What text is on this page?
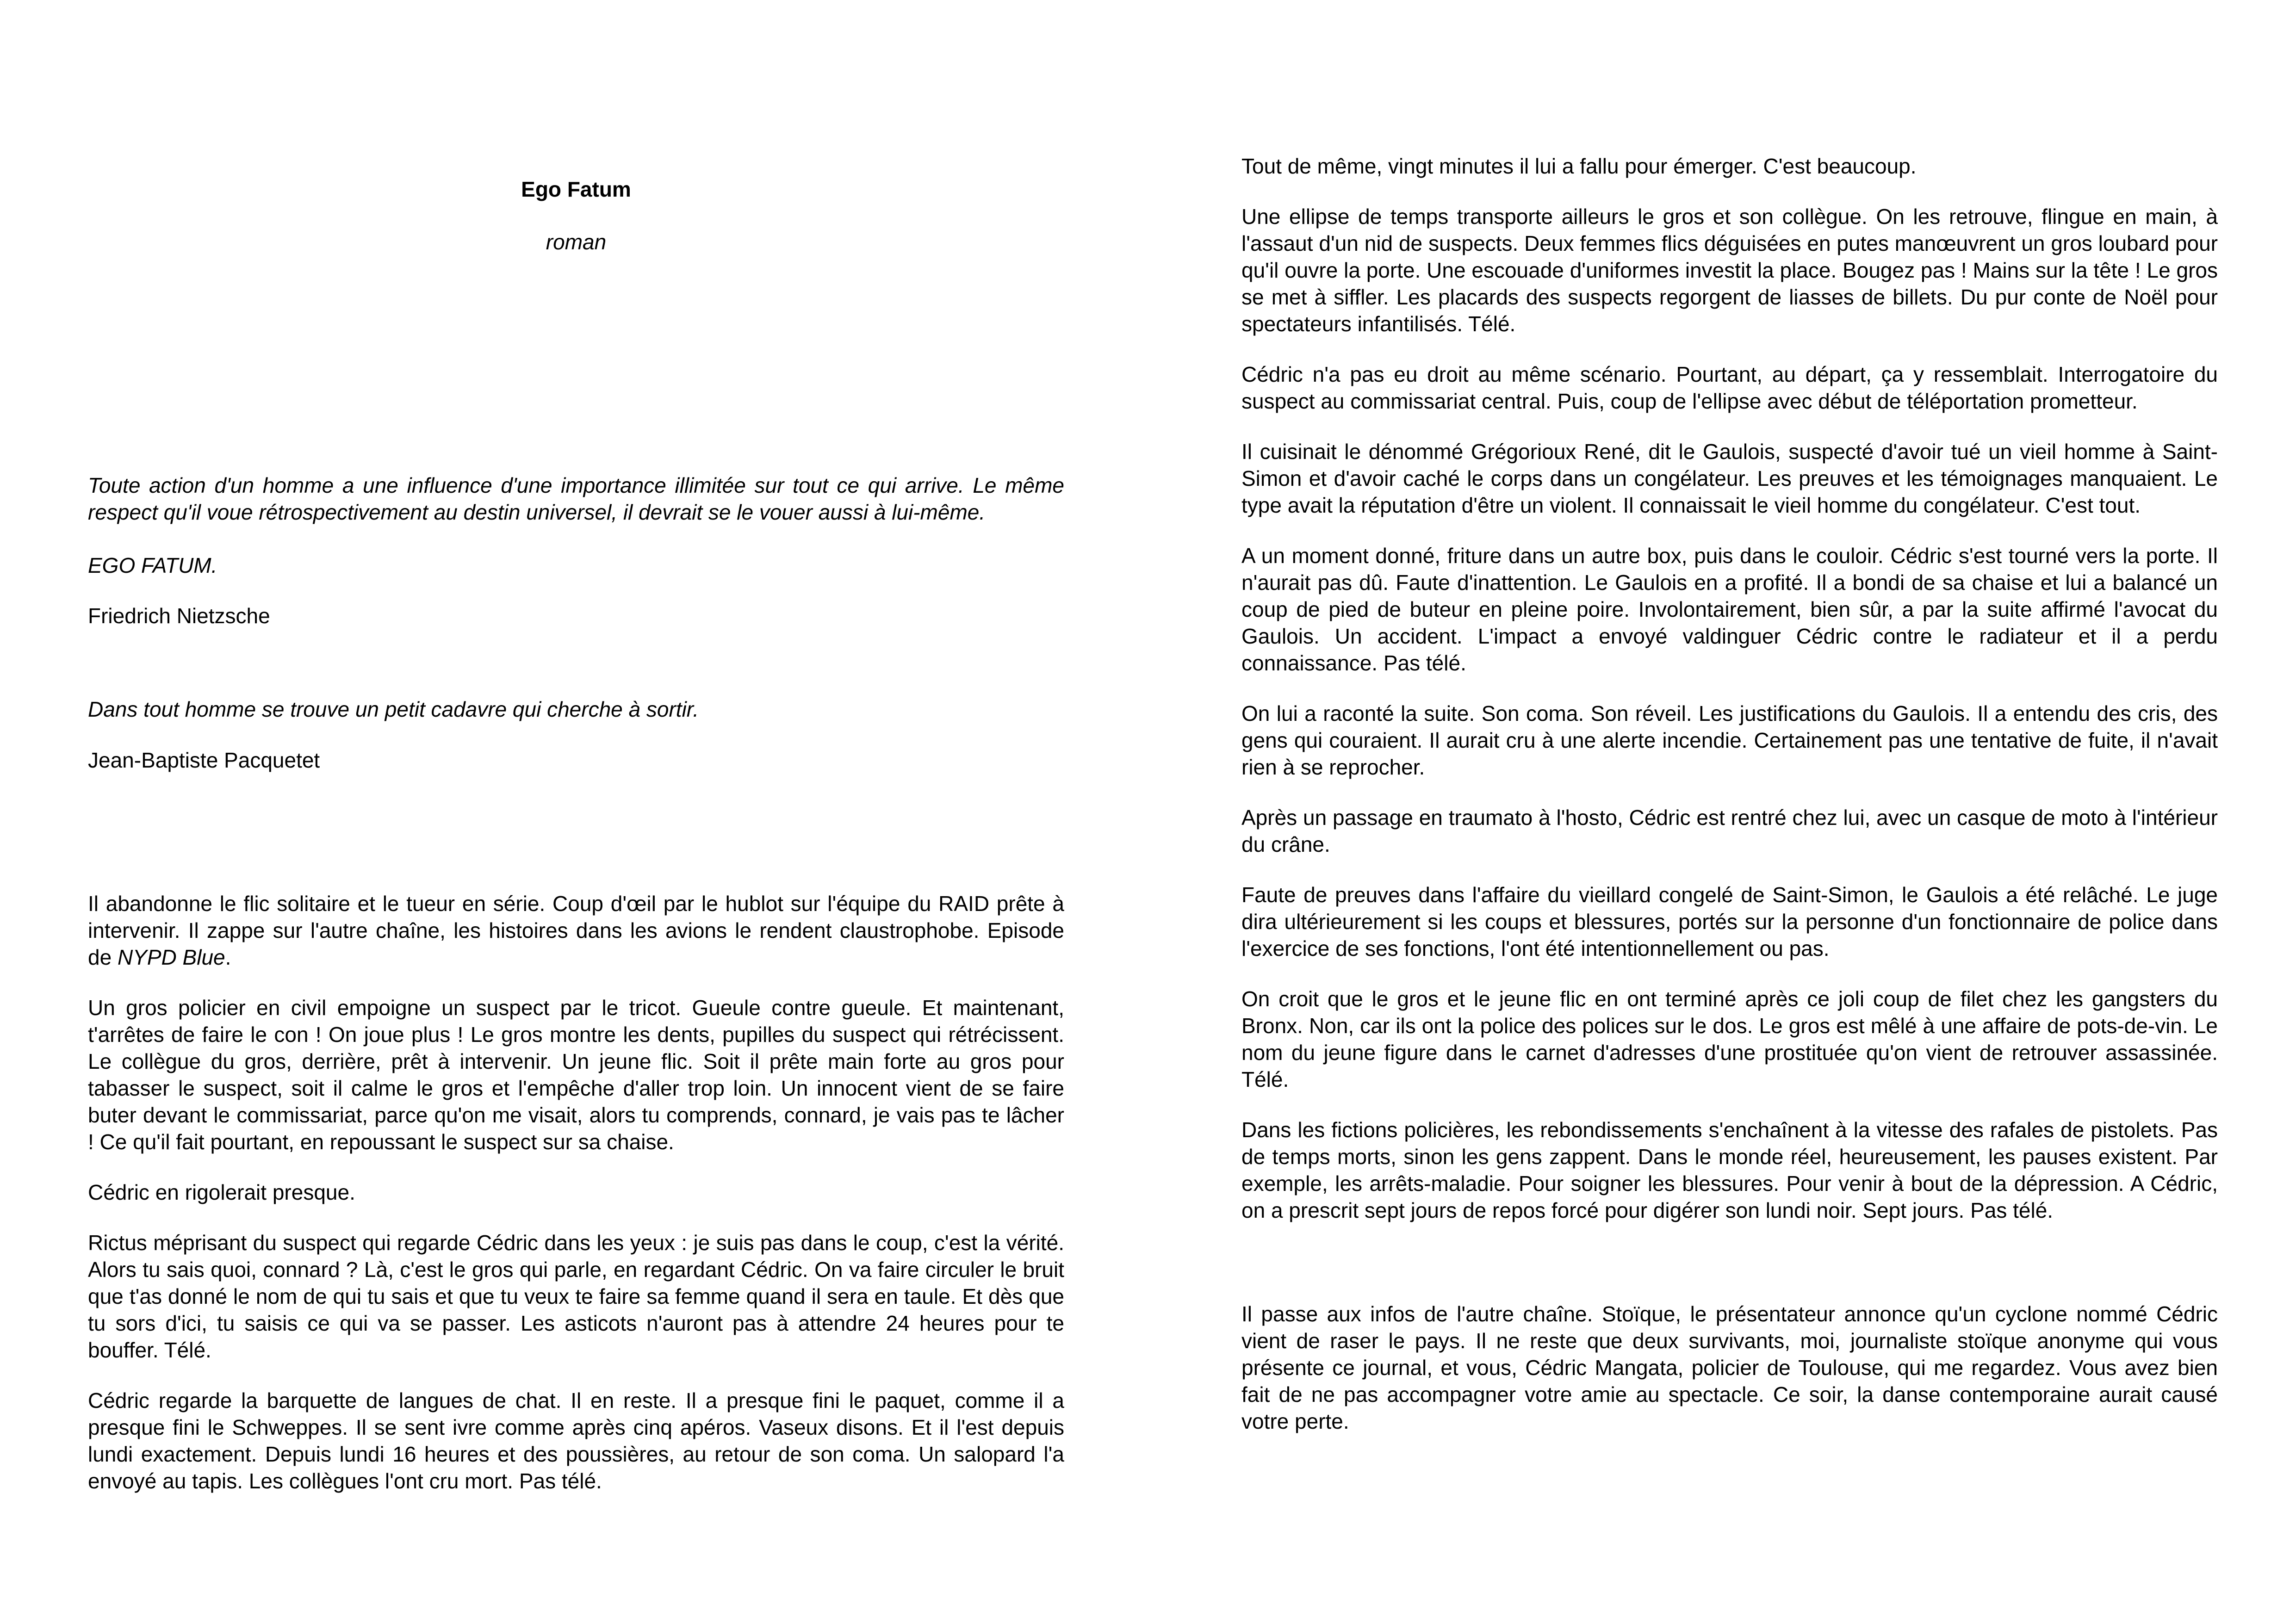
Ego Fatum

roman

Toute action d'un homme a une influence d'une importance illimitée sur tout ce qui arrive. Le même respect qu'il voue rétrospectivement au destin universel, il devrait se le vouer aussi à lui-même.

EGO FATUM.

Friedrich Nietzsche

Dans tout homme se trouve un petit cadavre qui cherche à sortir.

Jean-Baptiste Pacquetet

Il abandonne le flic solitaire et le tueur en série. Coup d'œil par le hublot sur l'équipe du RAID prête à intervenir. Il zappe sur l'autre chaîne, les histoires dans les avions le rendent claustrophobe. Episode de NYPD Blue.

Un gros policier en civil empoigne un suspect par le tricot. Gueule contre gueule. Et maintenant, t'arrêtes de faire le con ! On joue plus ! Le gros montre les dents, pupilles du suspect qui rétrécissent. Le collègue du gros, derrière, prêt à intervenir. Un jeune flic. Soit il prête main forte au gros pour tabasser le suspect, soit il calme le gros et l'empêche d'aller trop loin. Un innocent vient de se faire buter devant le commissariat, parce qu'on me visait, alors tu comprends, connard, je vais pas te lâcher ! Ce qu'il fait pourtant, en repoussant le suspect sur sa chaise.

Cédric en rigolerait presque.

Rictus méprisant du suspect qui regarde Cédric dans les yeux : je suis pas dans le coup, c'est la vérité. Alors tu sais quoi, connard ? Là, c'est le gros qui parle, en regardant Cédric. On va faire circuler le bruit que t'as donné le nom de qui tu sais et que tu veux te faire sa femme quand il sera en taule. Et dès que tu sors d'ici, tu saisis ce qui va se passer. Les asticots n'auront pas à attendre 24 heures pour te bouffer. Télé.

Cédric regarde la barquette de langues de chat. Il en reste. Il a presque fini le paquet, comme il a presque fini le Schweppes. Il se sent ivre comme après cinq apéros. Vaseux disons. Et il l'est depuis lundi exactement. Depuis lundi 16 heures et des poussières, au retour de son coma. Un salopard l'a envoyé au tapis. Les collègues l'ont cru mort. Pas télé.

Tout de même, vingt minutes il lui a fallu pour émerger. C'est beaucoup.

Une ellipse de temps transporte ailleurs le gros et son collègue. On les retrouve, flingue en main, à l'assaut d'un nid de suspects. Deux femmes flics déguisées en putes manœuvrent un gros loubard pour qu'il ouvre la porte. Une escouade d'uniformes investit la place. Bougez pas ! Mains sur la tête ! Le gros se met à siffler. Les placards des suspects regorgent de liasses de billets. Du pur conte de Noël pour spectateurs infantilisés. Télé.

Cédric n'a pas eu droit au même scénario. Pourtant, au départ, ça y ressemblait. Interrogatoire du suspect au commissariat central. Puis, coup de l'ellipse avec début de téléportation prometteur.

Il cuisinait le dénommé Grégorioux René, dit le Gaulois, suspecté d'avoir tué un vieil homme à Saint-Simon et d'avoir caché le corps dans un congélateur. Les preuves et les témoignages manquaient. Le type avait la réputation d'être un violent. Il connaissait le vieil homme du congélateur. C'est tout.

A un moment donné, friture dans un autre box, puis dans le couloir. Cédric s'est tourné vers la porte. Il n'aurait pas dû. Faute d'inattention. Le Gaulois en a profité. Il a bondi de sa chaise et lui a balancé un coup de pied de buteur en pleine poire. Involontairement, bien sûr, a par la suite affirmé l'avocat du Gaulois. Un accident. L'impact a envoyé valdinguer Cédric contre le radiateur et il a perdu connaissance. Pas télé.

On lui a raconté la suite. Son coma. Son réveil. Les justifications du Gaulois. Il a entendu des cris, des gens qui couraient. Il aurait cru à une alerte incendie. Certainement pas une tentative de fuite, il n'avait rien à se reprocher.

Après un passage en traumato à l'hosto, Cédric est rentré chez lui, avec un casque de moto à l'intérieur du crâne.

Faute de preuves dans l'affaire du vieillard congelé de Saint-Simon, le Gaulois a été relâché. Le juge dira ultérieurement si les coups et blessures, portés sur la personne d'un fonctionnaire de police dans l'exercice de ses fonctions, l'ont été intentionnellement ou pas.

On croit que le gros et le jeune flic en ont terminé après ce joli coup de filet chez les gangsters du Bronx. Non, car ils ont la police des polices sur le dos. Le gros est mêlé à une affaire de pots-de-vin. Le nom du jeune figure dans le carnet d'adresses d'une prostituée qu'on vient de retrouver assassinée. Télé.

Dans les fictions policières, les rebondissements s'enchaînent à la vitesse des rafales de pistolets. Pas de temps morts, sinon les gens zappent. Dans le monde réel, heureusement, les pauses existent. Par exemple, les arrêts-maladie. Pour soigner les blessures. Pour venir à bout de la dépression. A Cédric, on a prescrit sept jours de repos forcé pour digérer son lundi noir. Sept jours. Pas télé.

Il passe aux infos de l'autre chaîne. Stoïque, le présentateur annonce qu'un cyclone nommé Cédric vient de raser le pays. Il ne reste que deux survivants, moi, journaliste stoïque anonyme qui vous présente ce journal, et vous, Cédric Mangata, policier de Toulouse, qui me regardez. Vous avez bien fait de ne pas accompagner votre amie au spectacle. Ce soir, la danse contemporaine aurait causé votre perte.
